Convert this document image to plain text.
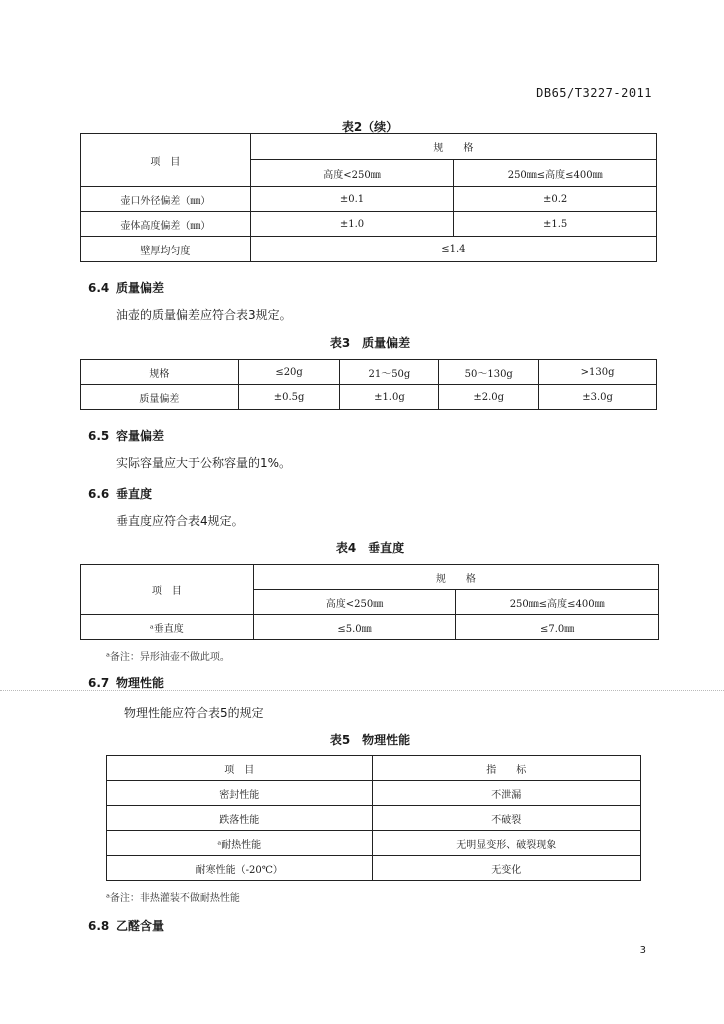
DB65/T3227-2011
表2（续）
项　目	规　　格	
	高度<250㎜	250㎜≤高度≤400㎜
壶口外径偏差（㎜）	±0.1	±0.2
壶体高度偏差（㎜）	±1.0	±1.5
壁厚均匀度	≤1.4	
6.4 质量偏差
油壶的质量偏差应符合表3规定。
表3　质量偏差
规格	≤20g	21～50g	50～130g	>130g
质量偏差	±0.5g	±1.0g	±2.0g	±3.0g
6.5 容量偏差
实际容量应大于公称容量的1%。
6.6 垂直度
垂直度应符合表4规定。
表4　垂直度
项　目	规　　格	
	高度<250㎜	250㎜≤高度≤400㎜
ᵃ垂直度	≤5.0㎜	≤7.0㎜
ᵃ备注：异形油壶不做此项。
6.7 物理性能
物理性能应符合表5的规定
表5　物理性能
项　目	指　　标
密封性能	不泄漏
跌落性能	不破裂
ᵃ耐热性能	无明显变形、破裂现象
耐寒性能（-20℃）	无变化
ᵃ备注：非热灌装不做耐热性能
6.8 乙醛含量
3
